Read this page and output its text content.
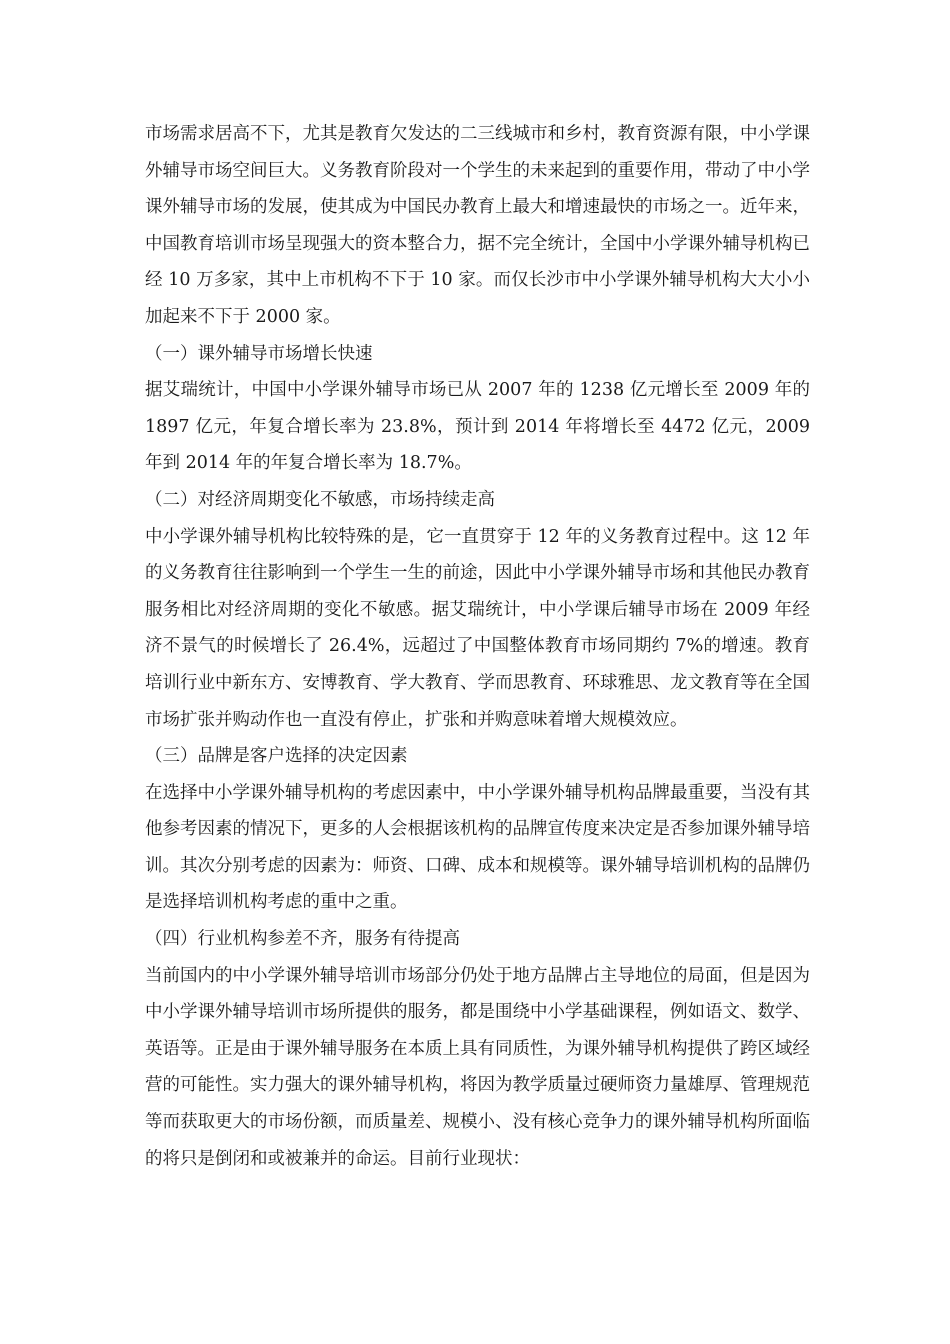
市场需求居高不下，尤其是教育欠发达的二三线城市和乡村，教育资源有限，中小学课外辅导市场空间巨大。义务教育阶段对一个学生的未来起到的重要作用，带动了中小学课外辅导市场的发展，使其成为中国民办教育上最大和增速最快的市场之一。近年来，中国教育培训市场呈现强大的资本整合力，据不完全统计，全国中小学课外辅导机构已经 10 万多家，其中上市机构不下于 10 家。而仅长沙市中小学课外辅导机构大大小小加起来不下于 2000 家。

（一）课外辅导市场增长快速

据艾瑞统计，中国中小学课外辅导市场已从 2007 年的 1238 亿元增长至 2009 年的 1897 亿元，年复合增长率为 23.8%，预计到 2014 年将增长至 4472 亿元，2009 年到 2014 年的年复合增长率为 18.7%。

（二）对经济周期变化不敏感，市场持续走高

中小学课外辅导机构比较特殊的是，它一直贯穿于 12 年的义务教育过程中。这 12 年的义务教育往往影响到一个学生一生的前途，因此中小学课外辅导市场和其他民办教育服务相比对经济周期的变化不敏感。据艾瑞统计，中小学课后辅导市场在 2009 年经济不景气的时候增长了 26.4%，远超过了中国整体教育市场同期约 7%的增速。教育培训行业中新东方、安博教育、学大教育、学而思教育、环球雅思、龙文教育等在全国市场扩张并购动作也一直没有停止，扩张和并购意味着增大规模效应。

（三）品牌是客户选择的决定因素

在选择中小学课外辅导机构的考虑因素中，中小学课外辅导机构品牌最重要，当没有其他参考因素的情况下，更多的人会根据该机构的品牌宣传度来决定是否参加课外辅导培训。其次分别考虑的因素为：师资、口碑、成本和规模等。课外辅导培训机构的品牌仍是选择培训机构考虑的重中之重。

（四）行业机构参差不齐，服务有待提高

当前国内的中小学课外辅导培训市场部分仍处于地方品牌占主导地位的局面，但是因为中小学课外辅导培训市场所提供的服务，都是围绕中小学基础课程，例如语文、数学、英语等。正是由于课外辅导服务在本质上具有同质性，为课外辅导机构提供了跨区域经营的可能性。实力强大的课外辅导机构，将因为教学质量过硬师资力量雄厚、管理规范等而获取更大的市场份额，而质量差、规模小、没有核心竞争力的课外辅导机构所面临的将只是倒闭和或被兼并的命运。目前行业现状：
